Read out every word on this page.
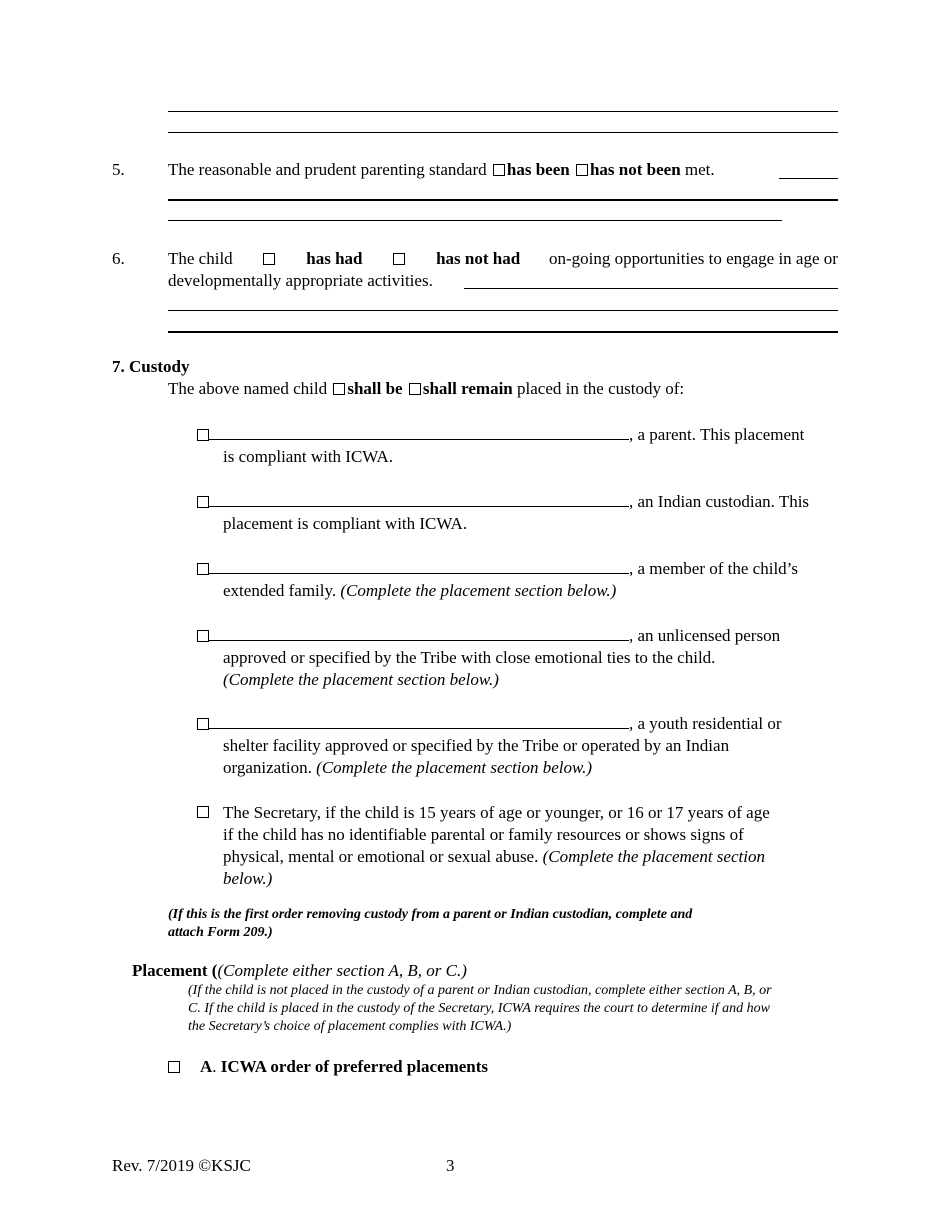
5.	The reasonable and prudent parenting standard has been has not been met.
6.	The child	has had	has not had on-going opportunities to engage in age or
developmentally appropriate activities.
7. Custody
The above named child shall be shall remain placed in the custody of:
, a parent. This placement
is compliant with ICWA.
, an Indian custodian. This
placement is compliant with ICWA.
, a member of the child’s
extended family. (Complete the placement section below.)
, an unlicensed person
approved or specified by the Tribe with close emotional ties to the child.
(Complete the placement section below.)
, a youth residential or
shelter facility approved or specified by the Tribe or operated by an Indian
organization. (Complete the placement section below.)
The Secretary, if the child is 15 years of age or younger, or 16 or 17 years of age
if the child has no identifiable parental or family resources or shows signs of
physical, mental or emotional or sexual abuse. (Complete the placement section
below.)
(If this is the first order removing custody from a parent or Indian custodian, complete and
attach Form 209.)
Placement ((Complete either section A, B, or C.)
(If the child is not placed in the custody of a parent or Indian custodian, complete either section A, B, or
C. If the child is placed in the custody of the Secretary, ICWA requires the court to determine if and how
the Secretary’s choice of placement complies with ICWA.)
A. ICWA order of preferred placements
Rev. 7/2019 ©KSJC	3
